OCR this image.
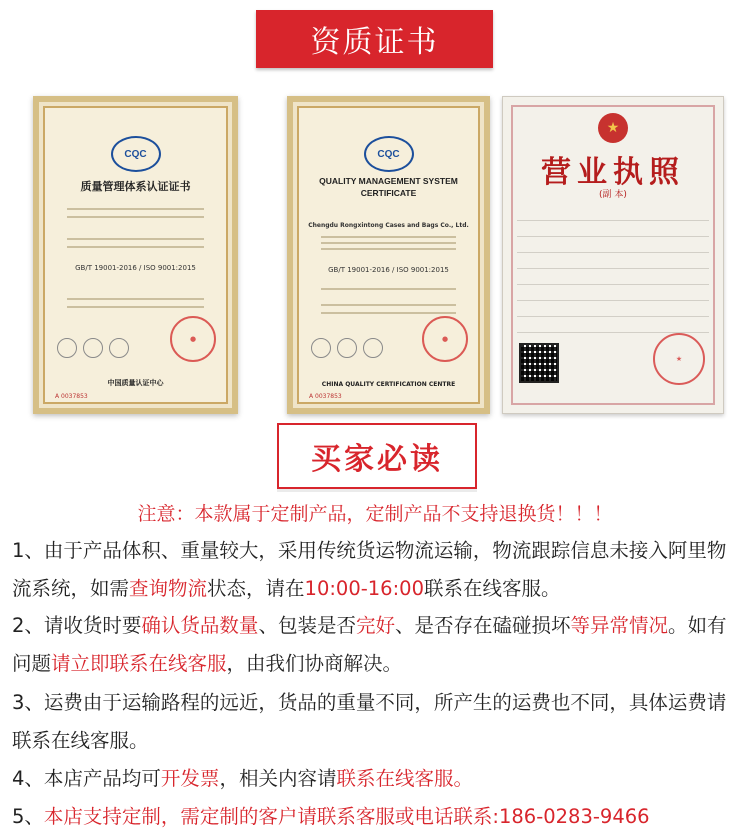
资质证书
CQC
质量管理体系认证证书
GB/T 19001-2016 / ISO 9001:2015
●
中国质量认证中心
A 0037853
CQC
QUALITY MANAGEMENT SYSTEM
CERTIFICATE
Chengdu Rongxintong Cases and Bags Co., Ltd.
GB/T 19001-2016 / ISO 9001:2015
●
CHINA QUALITY CERTIFICATION CENTRE
A 0037853
★
营业执照
(副 本)
★
买家必读
注意：本款属于定制产品，定制产品不支持退换货！！！
1、由于产品体积、重量较大，采用传统货运物流运输，物流跟踪信息未接入阿里物流系统，如需查询物流状态，请在10:00-16:00联系在线客服。
2、请收货时要确认货品数量、包装是否完好、是否存在磕碰损坏等异常情况。如有问题请立即联系在线客服，由我们协商解决。
3、运费由于运输路程的远近，货品的重量不同，所产生的运费也不同，具体运费请联系在线客服。
4、本店产品均可开发票，相关内容请联系在线客服。
5、本店支持定制，需定制的客户请联系客服或电话联系:186-0283-9466
